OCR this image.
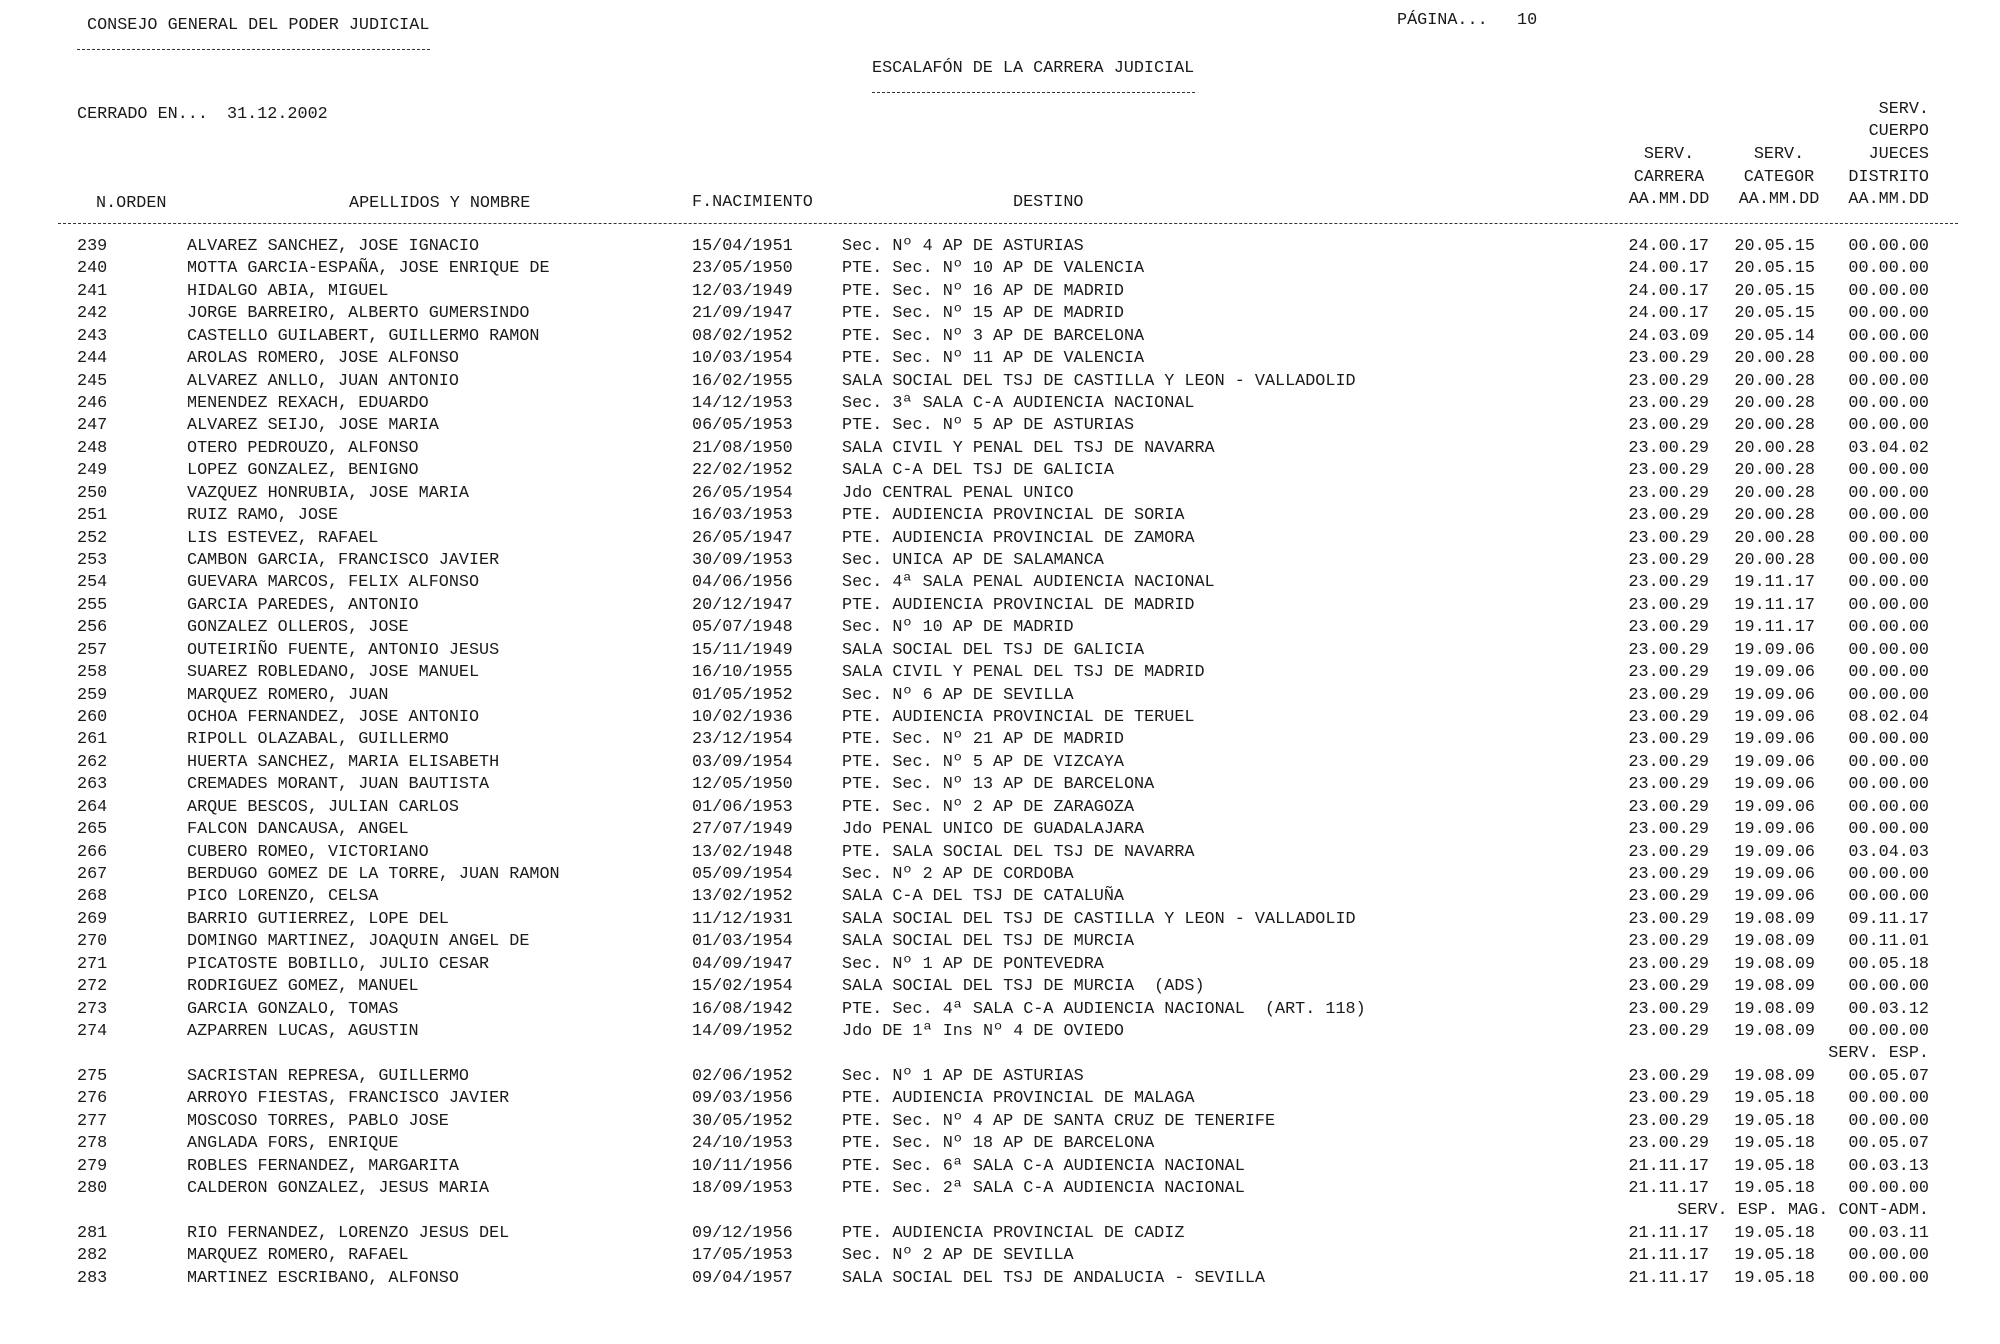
CONSEJO GENERAL DEL PODER JUDICIAL	PÁGINA... 10
ESCALAFÓN DE LA CARRERA JUDICIAL
CERRADO EN... 31.12.2002
N.ORDEN	APELLIDOS Y NOMBRE	F.NACIMIENTO	DESTINO
SERV.
CARRERA
AA.MM.DD
SERV.
CATEGOR
AA.MM.DD
SERV.
CUERPO
JUECES
DISTRITO
AA.MM.DD
239	ALVAREZ SANCHEZ, JOSE IGNACIO	15/04/1951	Sec. Nº 4 AP DE ASTURIAS	24.00.17	20.05.15	00.00.00
240	MOTTA GARCIA-ESPAÑA, JOSE ENRIQUE DE	23/05/1950	PTE. Sec. Nº 10 AP DE VALENCIA	24.00.17	20.05.15	00.00.00
241	HIDALGO ABIA, MIGUEL	12/03/1949	PTE. Sec. Nº 16 AP DE MADRID	24.00.17	20.05.15	00.00.00
242	JORGE BARREIRO, ALBERTO GUMERSINDO	21/09/1947	PTE. Sec. Nº 15 AP DE MADRID	24.00.17	20.05.15	00.00.00
243	CASTELLO GUILABERT, GUILLERMO RAMON	08/02/1952	PTE. Sec. Nº 3 AP DE BARCELONA	24.03.09	20.05.14	00.00.00
244	AROLAS ROMERO, JOSE ALFONSO	10/03/1954	PTE. Sec. Nº 11 AP DE VALENCIA	23.00.29	20.00.28	00.00.00
245	ALVAREZ ANLLO, JUAN ANTONIO	16/02/1955	SALA SOCIAL DEL TSJ DE CASTILLA Y LEON - VALLADOLID	23.00.29	20.00.28	00.00.00
246	MENENDEZ REXACH, EDUARDO	14/12/1953	Sec. 3ª SALA C-A AUDIENCIA NACIONAL	23.00.29	20.00.28	00.00.00
247	ALVAREZ SEIJO, JOSE MARIA	06/05/1953	PTE. Sec. Nº 5 AP DE ASTURIAS	23.00.29	20.00.28	00.00.00
248	OTERO PEDROUZO, ALFONSO	21/08/1950	SALA CIVIL Y PENAL DEL TSJ DE NAVARRA	23.00.29	20.00.28	03.04.02
249	LOPEZ GONZALEZ, BENIGNO	22/02/1952	SALA C-A DEL TSJ DE GALICIA	23.00.29	20.00.28	00.00.00
250	VAZQUEZ HONRUBIA, JOSE MARIA	26/05/1954	Jdo CENTRAL PENAL UNICO	23.00.29	20.00.28	00.00.00
251	RUIZ RAMO, JOSE	16/03/1953	PTE. AUDIENCIA PROVINCIAL DE SORIA	23.00.29	20.00.28	00.00.00
252	LIS ESTEVEZ, RAFAEL	26/05/1947	PTE. AUDIENCIA PROVINCIAL DE ZAMORA	23.00.29	20.00.28	00.00.00
253	CAMBON GARCIA, FRANCISCO JAVIER	30/09/1953	Sec. UNICA AP DE SALAMANCA	23.00.29	20.00.28	00.00.00
254	GUEVARA MARCOS, FELIX ALFONSO	04/06/1956	Sec. 4ª SALA PENAL AUDIENCIA NACIONAL	23.00.29	19.11.17	00.00.00
255	GARCIA PAREDES, ANTONIO	20/12/1947	PTE. AUDIENCIA PROVINCIAL DE MADRID	23.00.29	19.11.17	00.00.00
256	GONZALEZ OLLEROS, JOSE	05/07/1948	Sec. Nº 10 AP DE MADRID	23.00.29	19.11.17	00.00.00
257	OUTEIRIÑO FUENTE, ANTONIO JESUS	15/11/1949	SALA SOCIAL DEL TSJ DE GALICIA	23.00.29	19.09.06	00.00.00
258	SUAREZ ROBLEDANO, JOSE MANUEL	16/10/1955	SALA CIVIL Y PENAL DEL TSJ DE MADRID	23.00.29	19.09.06	00.00.00
259	MARQUEZ ROMERO, JUAN	01/05/1952	Sec. Nº 6 AP DE SEVILLA	23.00.29	19.09.06	00.00.00
260	OCHOA FERNANDEZ, JOSE ANTONIO	10/02/1936	PTE. AUDIENCIA PROVINCIAL DE TERUEL	23.00.29	19.09.06	08.02.04
261	RIPOLL OLAZABAL, GUILLERMO	23/12/1954	PTE. Sec. Nº 21 AP DE MADRID	23.00.29	19.09.06	00.00.00
262	HUERTA SANCHEZ, MARIA ELISABETH	03/09/1954	PTE. Sec. Nº 5 AP DE VIZCAYA	23.00.29	19.09.06	00.00.00
263	CREMADES MORANT, JUAN BAUTISTA	12/05/1950	PTE. Sec. Nº 13 AP DE BARCELONA	23.00.29	19.09.06	00.00.00
264	ARQUE BESCOS, JULIAN CARLOS	01/06/1953	PTE. Sec. Nº 2 AP DE ZARAGOZA	23.00.29	19.09.06	00.00.00
265	FALCON DANCAUSA, ANGEL	27/07/1949	Jdo PENAL UNICO DE GUADALAJARA	23.00.29	19.09.06	00.00.00
266	CUBERO ROMEO, VICTORIANO	13/02/1948	PTE. SALA SOCIAL DEL TSJ DE NAVARRA	23.00.29	19.09.06	03.04.03
267	BERDUGO GOMEZ DE LA TORRE, JUAN RAMON	05/09/1954	Sec. Nº 2 AP DE CORDOBA	23.00.29	19.09.06	00.00.00
268	PICO LORENZO, CELSA	13/02/1952	SALA C-A DEL TSJ DE CATALUÑA	23.00.29	19.09.06	00.00.00
269	BARRIO GUTIERREZ, LOPE DEL	11/12/1931	SALA SOCIAL DEL TSJ DE CASTILLA Y LEON - VALLADOLID	23.00.29	19.08.09	09.11.17
270	DOMINGO MARTINEZ, JOAQUIN ANGEL DE	01/03/1954	SALA SOCIAL DEL TSJ DE MURCIA	23.00.29	19.08.09	00.11.01
271	PICATOSTE BOBILLO, JULIO CESAR	04/09/1947	Sec. Nº 1 AP DE PONTEVEDRA	23.00.29	19.08.09	00.05.18
272	RODRIGUEZ GOMEZ, MANUEL	15/02/1954	SALA SOCIAL DEL TSJ DE MURCIA  (ADS)	23.00.29	19.08.09	00.00.00
273	GARCIA GONZALO, TOMAS	16/08/1942	PTE. Sec. 4ª SALA C-A AUDIENCIA NACIONAL  (ART. 118)	23.00.29	19.08.09	00.03.12
274	AZPARREN LUCAS, AGUSTIN	14/09/1952	Jdo DE 1ª Ins Nº 4 DE OVIEDO	23.00.29	19.08.09	00.00.00
SERV. ESP.
275	SACRISTAN REPRESA, GUILLERMO	02/06/1952	Sec. Nº 1 AP DE ASTURIAS	23.00.29	19.08.09	00.05.07
276	ARROYO FIESTAS, FRANCISCO JAVIER	09/03/1956	PTE. AUDIENCIA PROVINCIAL DE MALAGA	23.00.29	19.05.18	00.00.00
277	MOSCOSO TORRES, PABLO JOSE	30/05/1952	PTE. Sec. Nº 4 AP DE SANTA CRUZ DE TENERIFE	23.00.29	19.05.18	00.00.00
278	ANGLADA FORS, ENRIQUE	24/10/1953	PTE. Sec. Nº 18 AP DE BARCELONA	23.00.29	19.05.18	00.05.07
279	ROBLES FERNANDEZ, MARGARITA	10/11/1956	PTE. Sec. 6ª SALA C-A AUDIENCIA NACIONAL	21.11.17	19.05.18	00.03.13
280	CALDERON GONZALEZ, JESUS MARIA	18/09/1953	PTE. Sec. 2ª SALA C-A AUDIENCIA NACIONAL	21.11.17	19.05.18	00.00.00
SERV. ESP. MAG. CONT-ADM.
281	RIO FERNANDEZ, LORENZO JESUS DEL	09/12/1956	PTE. AUDIENCIA PROVINCIAL DE CADIZ	21.11.17	19.05.18	00.03.11
282	MARQUEZ ROMERO, RAFAEL	17/05/1953	Sec. Nº 2 AP DE SEVILLA	21.11.17	19.05.18	00.00.00
283	MARTINEZ ESCRIBANO, ALFONSO	09/04/1957	SALA SOCIAL DEL TSJ DE ANDALUCIA - SEVILLA	21.11.17	19.05.18	00.00.00
